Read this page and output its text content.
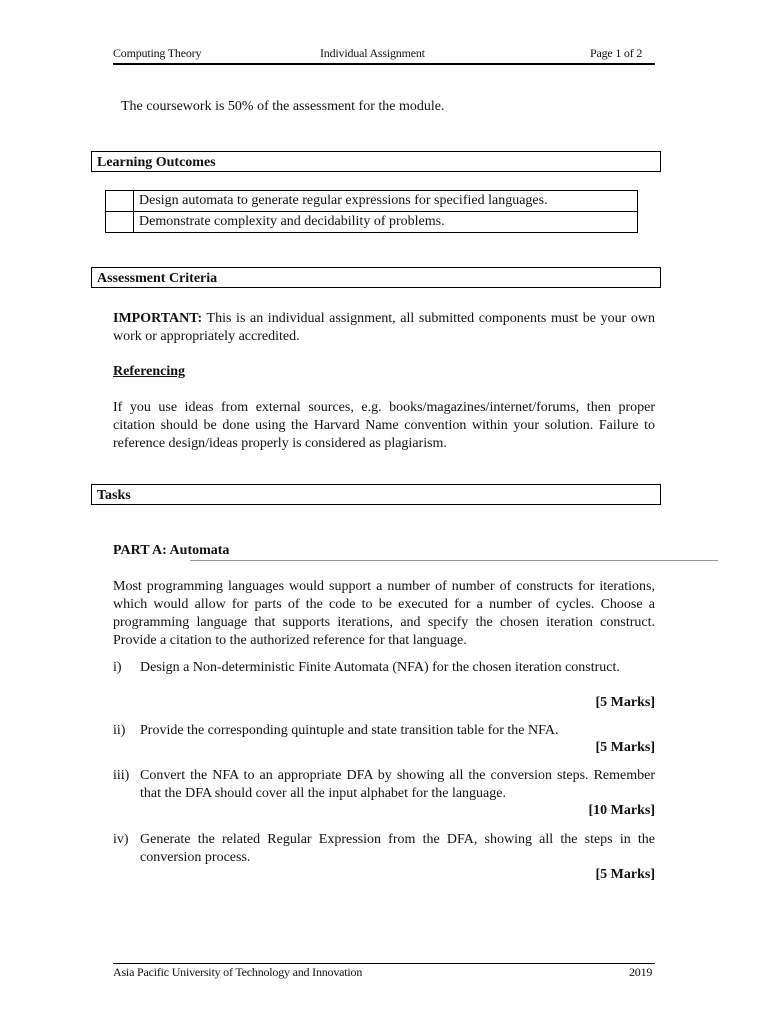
Computing Theory	Individual Assignment	Page 1 of 2
The coursework is 50% of the assessment for the module.
Learning Outcomes
	Design automata to generate regular expressions for specified languages.
	Demonstrate complexity and decidability of problems.
Assessment Criteria
IMPORTANT: This is an individual assignment, all submitted components must be your own work or appropriately accredited.
Referencing
If you use ideas from external sources, e.g. books/magazines/internet/forums, then proper citation should be done using the Harvard Name convention within your solution. Failure to reference design/ideas properly is considered as plagiarism.
Tasks
PART A: Automata
Most programming languages would support a number of number of constructs for iterations, which would allow for parts of the code to be executed for a number of cycles. Choose a programming language that supports iterations, and specify the chosen iteration construct. Provide a citation to the authorized reference for that language.
i) Design a Non-deterministic Finite Automata (NFA) for the chosen iteration construct.
[5 Marks]
ii) Provide the corresponding quintuple and state transition table for the NFA.
[5 Marks]
iii) Convert the NFA to an appropriate DFA by showing all the conversion steps. Remember that the DFA should cover all the input alphabet for the language.
[10 Marks]
iv) Generate the related Regular Expression from the DFA, showing all the steps in the conversion process.
[5 Marks]
Asia Pacific University of Technology and Innovation	2019
